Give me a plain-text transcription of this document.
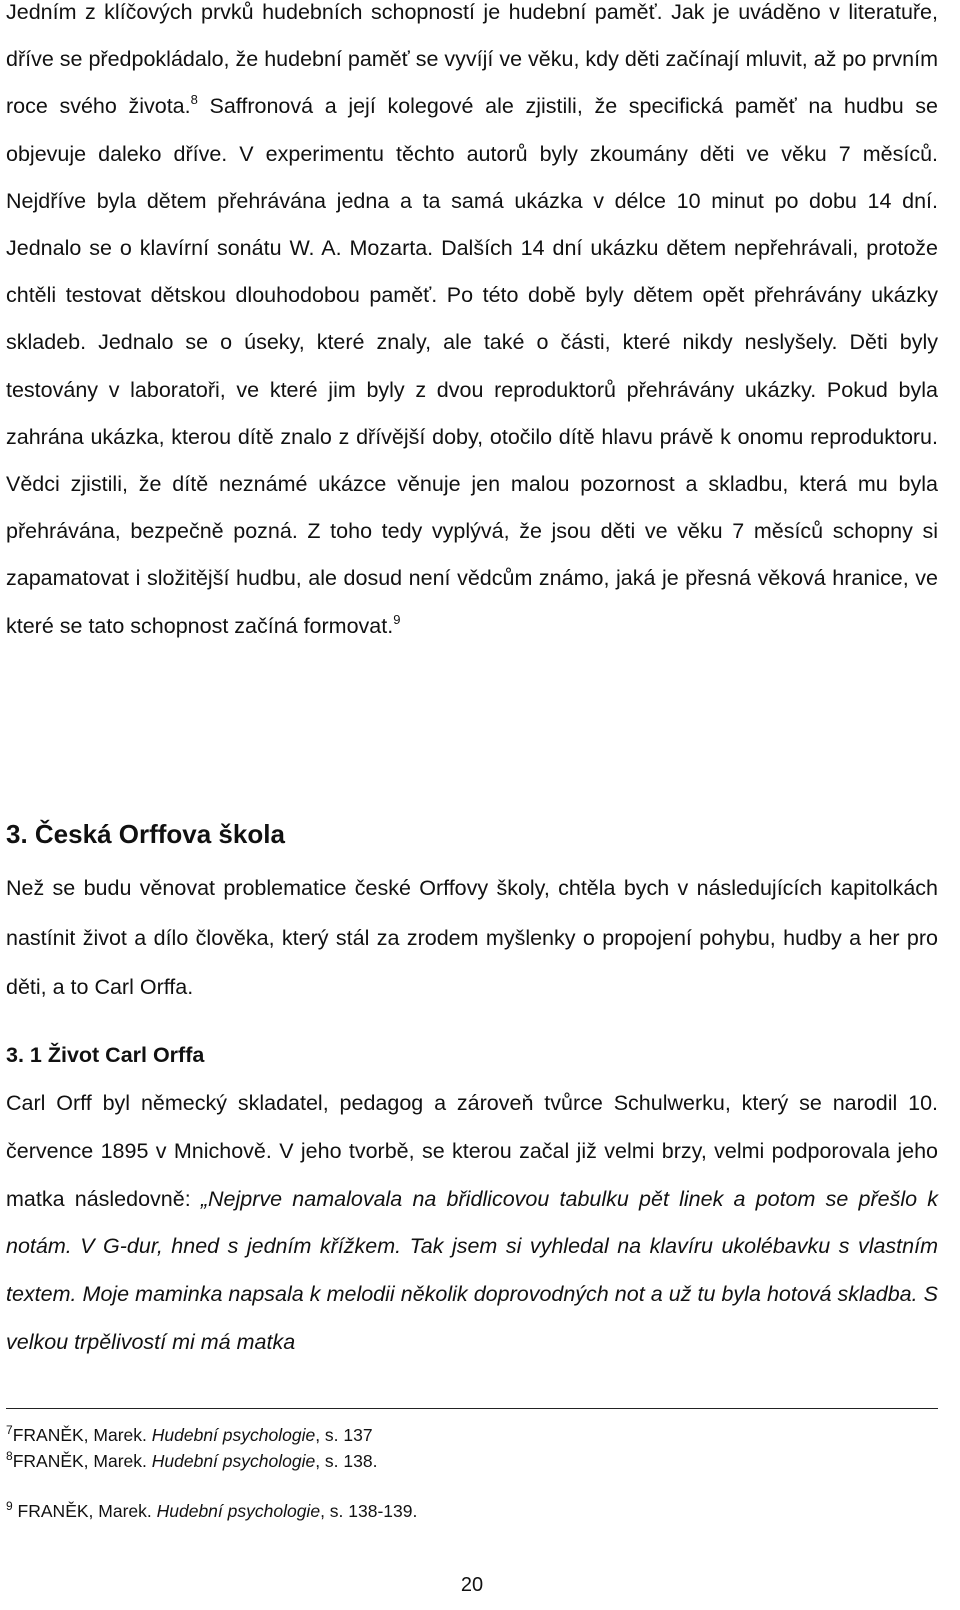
Jedním z klíčových prvků hudebních schopností je hudební paměť. Jak je uváděno v literatuře, dříve se předpokládalo, že hudební paměť se vyvíjí ve věku, kdy děti začínají mluvit, až po prvním roce svého života.$^8$ Saffronová a její kolegové ale zjistili, že specifická paměť na hudbu se objevuje daleko dříve. V experimentu těchto autorů byly zkoumány děti ve věku 7 měsíců. Nejdříve byla dětem přehrávána jedna a ta samá ukázka v délce 10 minut po dobu 14 dní. Jednalo se o klavírní sonátu W. A. Mozarta. Dalších 14 dní ukázku dětem nepřehrávali, protože chtěli testovat dětskou dlouhodobou paměť. Po této době byly dětem opět přehrávány ukázky skladeb. Jednalo se o úseky, které znaly, ale také o části, které nikdy neslyšely. Děti byly testovány v laboratoři, ve které jim byly z dvou reproduktorů přehrávány ukázky. Pokud byla zahrána ukázka, kterou dítě znalo z dřívější doby, otočilo dítě hlavu právě k onomu reproduktoru. Vědci zjistili, že dítě neznámé ukázce věnuje jen malou pozornost a skladbu, která mu byla přehrávána, bezpečně pozná. Z toho tedy vyplývá, že jsou děti ve věku 7 měsíců schopny si zapamatovat i složitější hudbu, ale dosud není vědcům známo, jaká je přesná věková hranice, ve které se tato schopnost začíná formovat.$^9$

3. Česká Orffova škola

Než se budu věnovat problematice české Orffovy školy, chtěla bych v následujících kapitolkách nastínit život a dílo člověka, který stál za zrodem myšlenky o propojení pohybu, hudby a her pro děti, a to Carl Orffa.

3. 1 Život Carl Orffa

Carl Orff byl německý skladatel, pedagog a zároveň tvůrce Schulwerku, který se narodil 10. července 1895 v Mnichově. V jeho tvorbě, se kterou začal již velmi brzy, velmi podporovala jeho matka následovně: „Nejprve namalovala na břidlicovou tabulku pět linek a potom se přešlo k notám. V G-dur, hned s jedním křížkem. Tak jsem si vyhledal na klavíru ukolébavku s vlastním textem. Moje maminka napsala k melodii několik doprovodných not a už tu byla hotová skladba. S velkou trpělivostí mi má matka

$^7$FRANĚK, Marek. Hudební psychologie, s. 137

$^8$FRANĚK, Marek. Hudební psychologie, s. 138.

$^9$ FRANĚK, Marek. Hudební psychologie, s. 138-139.

20
